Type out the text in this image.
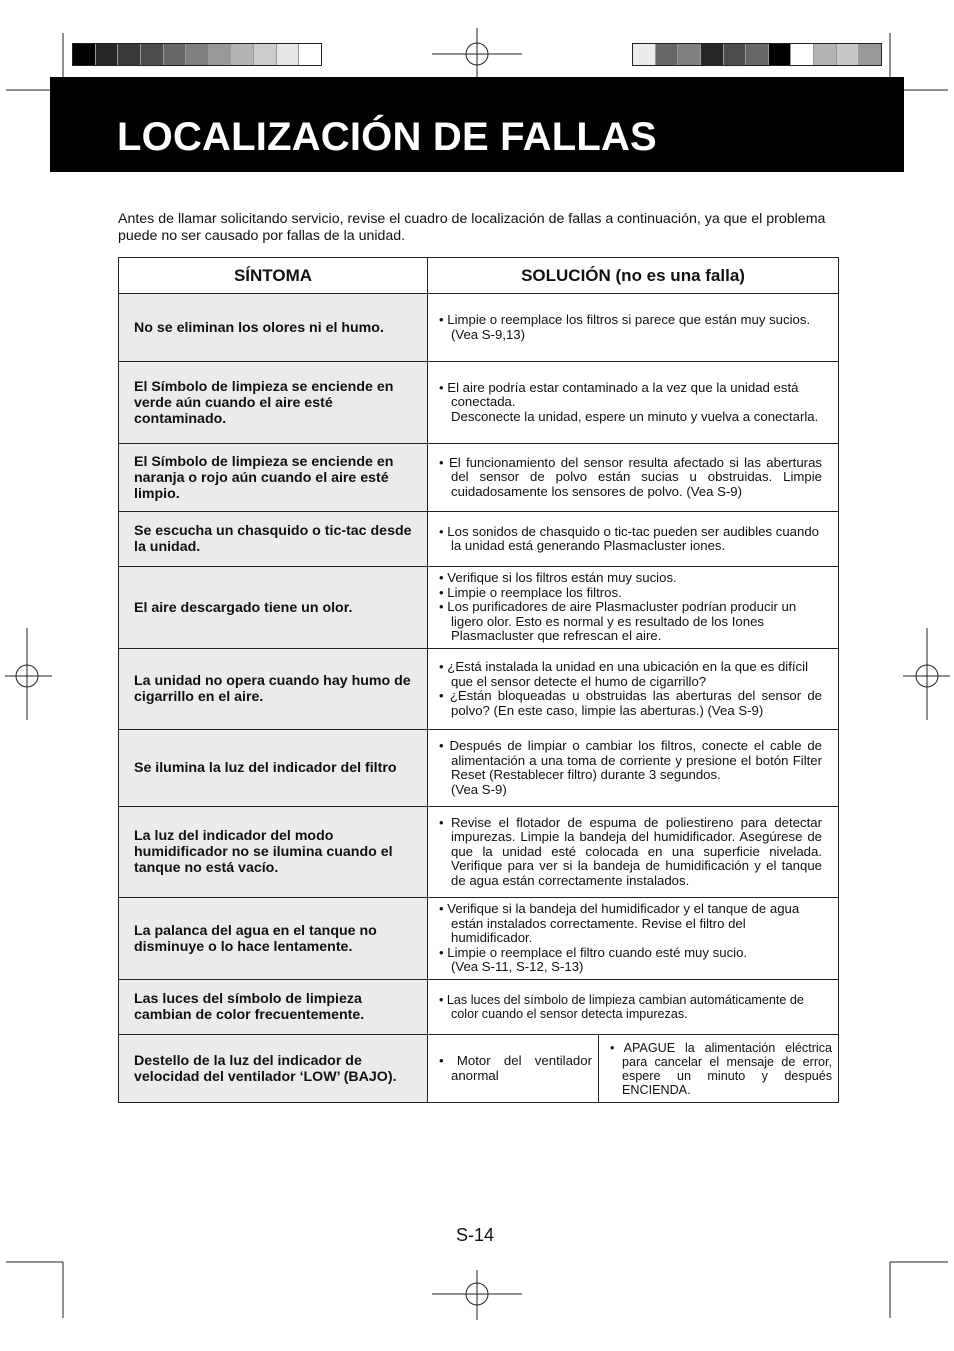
LOCALIZACIÓN DE FALLAS
Antes de llamar solicitando servicio, revise el cuadro de localización de fallas a continuación, ya que el problema puede no ser causado por fallas de la unidad.
SÍNTOMA	SOLUCIÓN (no es una falla)	
No se eliminan los olores ni el humo.	• Limpie o reemplace los filtros si parece que están muy sucios. (Vea S-9,13)	

El Símbolo de limpieza se enciende en verde aún cuando el aire esté contaminado.	• El aire podría estar contaminado a la vez que la unidad está conectada.
Desconecte la unidad, espere un minuto y vuelva a conectarla.	

El Símbolo de limpieza se enciende en naranja o rojo aún cuando el aire esté limpio.	• El funcionamiento del sensor resulta afectado si las aberturas del sensor de polvo están sucias u obstruidas. Limpie cuidadosamente los sensores de polvo. (Vea S-9)	

Se escucha un chasquido o tic-tac desde la unidad.	• Los sonidos de chasquido o tic-tac pueden ser audibles cuando la unidad está generando Plasmacluster iones.	

El aire descargado tiene un olor.	• Verifique si los filtros están muy sucios.
• Limpie o reemplace los filtros.
• Los purificadores de aire Plasmacluster podrían producir un ligero olor. Esto es normal y es resultado de los Iones Plasmacluster que refrescan el aire.	

La unidad no opera cuando hay humo de cigarrillo en el aire.	• ¿Está instalada la unidad en una ubicación en la que es difícil que el sensor detecte el humo de cigarrillo?
• ¿Están bloqueadas u obstruidas las aberturas del sensor de polvo? (En este caso, limpie las aberturas.) (Vea S-9)	

Se ilumina la luz del indicador del filtro	• Después de limpiar o cambiar los filtros, conecte el cable de alimentación a una toma de corriente y presione el botón Filter Reset (Restablecer filtro) durante 3 segundos.
(Vea S-9)	

La luz del indicador del modo humidificador no se ilumina cuando el tanque no está vacío.	• Revise el flotador de espuma de poliestireno para detectar impurezas. Limpie la bandeja del humidificador. Asegúrese de que la unidad esté colocada en una superficie nivelada. Verifique para ver si la bandeja de humidificación y el tanque de agua están correctamente instalados.	

La palanca del agua en el tanque no disminuye o lo hace lentamente.	• Verifique si la bandeja del humidificador y el tanque de agua están instalados correctamente. Revise el filtro del humidificador.
• Limpie o reemplace el filtro cuando esté muy sucio.
(Vea S-11, S-12, S-13)	

Las luces del símbolo de limpieza cambian de color frecuentemente.	• Las luces del símbolo de limpieza cambian automáticamente de color cuando el sensor detecta impurezas.	

Destello de la luz del indicador de velocidad del ventilador ‘LOW’ (BAJO).	• Motor del ventilador anormal	• APAGUE la alimentación eléctrica para cancelar el mensaje de error, espere un minuto y después ENCIENDA.
S-14
